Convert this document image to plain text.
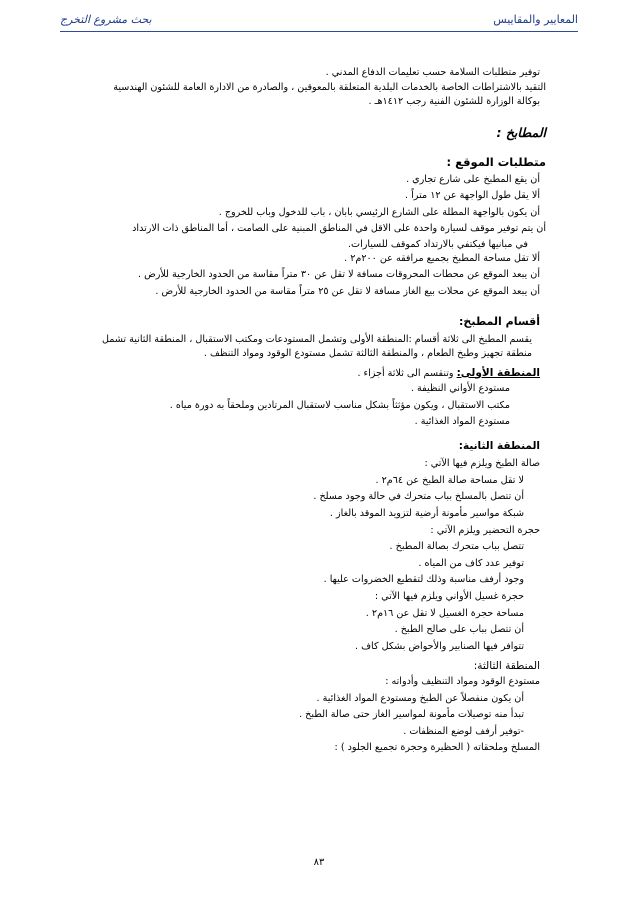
المعايير والمقاييس
بحث مشروع التخرج

توفير متطلبات السلامة حسب تعليمات الدفاع المدني .

التقيد بالاشتراطات الخاصة بالخدمات البلدية المتعلقة بالمعوقين ، والصادرة من الادارة العامة للشئون الهندسية

بوكالة الوزارة للشئون الفنية رجب ١٤١٢هـ .

المطابخ :

متطلبات الموقع :

أن يقع المطبخ على شارع تجاري .

ألا يقل طول الواجهة عن ١٢ متراً .

أن يكون بالواجهة المطلة على الشارع الرئيسي بابان ، باب للدخول وباب للخروج .

أن يتم توفير موقف لسيارة واحدة على الاقل في المناطق المبنية على الصامت ، أما المناطق ذات الارتداد

في مبانيها فيكتفي بالارتداد كموقف للسيارات.

ألا تقل مساحة المطبخ بجميع مرافقه عن ٢٠٠م٢ .

أن يبعد الموقع عن محطات المحروقات مسافة لا تقل عن ٣٠ متراً مقاسة من الحدود الخارجية للأرض .

أن يبعد الموقع عن محلات بيع الغاز مسافة لا تقل عن ٢٥ متراً مقاسة من الحدود الخارجية للأرض .

أقسام المطبخ:

يقسم المطبخ الى ثلاثة أقسام :المنطقة الأولى وتشمل المستودعات ومكتب الاستقبال ، المنطقة الثانية تشمل

منطقة تجهيز وطبخ الطعام ، والمنطقة الثالثة تشمل مستودع الوقود ومواد التنظف .

المنطقة الأولى: وتنقسم الى ثلاثة أجزاء .

مستودع الأواني النظيفة .

مكتب الاستقبال ، ويكون مؤثثاً بشكل مناسب لاستقبال المرتادين وملحقاً به دورة مياه .

مستودع المواد الغذائية .

المنطقة الثانية:

صالة الطبخ ويلزم فيها الآتي :

لا تقل مساحة صالة الطبخ عن ٦٤م٢ .

أن تتصل بالمسلخ بباب متحرك في حالة وجود مسلخ .

شبكة مواسير مأمونة أرضية لتزويد الموقد بالغاز .

حجرة التحضير ويلزم الآتي :

تتصل بباب متحرك بصالة المطبخ .

توفير عدد كاف من المياه .

وجود أرفف مناسبة وذلك لتقطيع الخضروات عليها .

حجرة غسيل الأواني ويلزم فيها الآتي :

مساحة حجرة الغسيل لا تقل عن ١٦م٢ .

أن تتصل بباب على صالح الطبخ .

تتوافر فيها الصنابير والأحواض بشكل كاف .

المنطقة الثالثة:

مستودع الوقود ومواد التنظيف وأدواته :

أن يكون منفصلاً عن الطبخ ومستودع المواد الغذائية .

تبدأ منه توصيلات مأمونة لمواسير الغاز حتى صالة الطبخ .

-توفير أرفف لوضع المنظفات .

المسلخ وملحقاته ( الحظيرة وحجرة تجميع الجلود ) :

٨٣
